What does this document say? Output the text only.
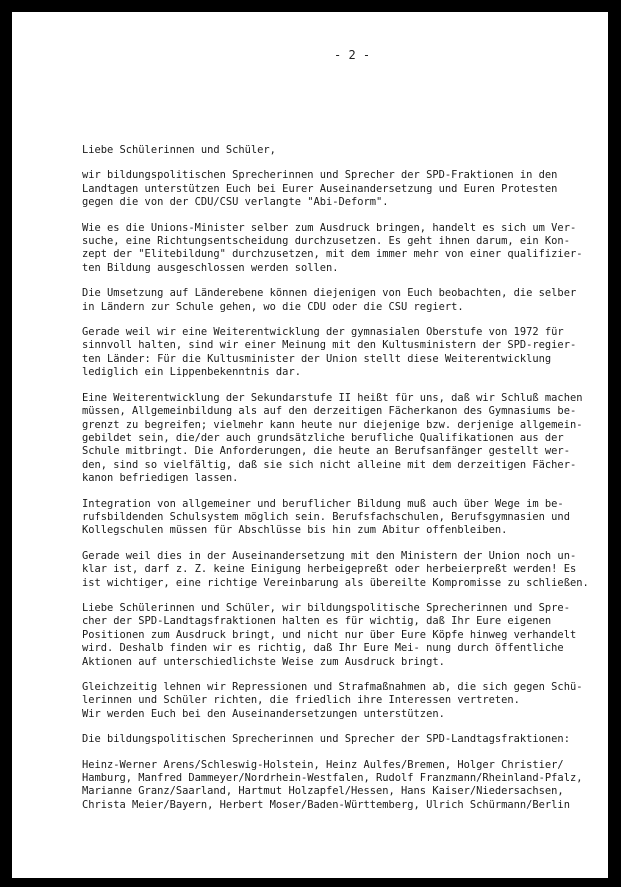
- 2 -
Liebe Schülerinnen und Schüler,
wir bildungspolitischen Sprecherinnen und Sprecher der SPD-Fraktionen in den
Landtagen unterstützen Euch bei Eurer Auseinandersetzung und Euren Protesten
gegen die von der CDU/CSU verlangte "Abi-Deform".
Wie es die Unions-Minister selber zum Ausdruck bringen, handelt es sich um Ver-
suche, eine Richtungsentscheidung durchzusetzen. Es geht ihnen darum, ein Kon-
zept der "Elitebildung" durchzusetzen, mit dem immer mehr von einer qualifizier-
ten Bildung ausgeschlossen werden sollen.
Die Umsetzung auf Länderebene können diejenigen von Euch beobachten, die selber
in Ländern zur Schule gehen, wo die CDU oder die CSU regiert.
Gerade weil wir eine Weiterentwicklung der gymnasialen Oberstufe von 1972 für
sinnvoll halten, sind wir einer Meinung mit den Kultusministern der SPD-regier-
ten Länder: Für die Kultusminister der Union stellt diese Weiterentwicklung
lediglich ein Lippenbekenntnis dar.
Eine Weiterentwicklung der Sekundarstufe II heißt für uns, daß wir Schluß machen
müssen, Allgemeinbildung als auf den derzeitigen Fächerkanon des Gymnasiums be-
grenzt zu begreifen; vielmehr kann heute nur diejenige bzw. derjenige allgemein-
gebildet sein, die/der auch grundsätzliche berufliche Qualifikationen aus der
Schule mitbringt. Die Anforderungen, die heute an Berufsanfänger gestellt wer-
den, sind so vielfältig, daß sie sich nicht alleine mit dem derzeitigen Fächer-
kanon befriedigen lassen.
Integration von allgemeiner und beruflicher Bildung muß auch über Wege im be-
rufsbildenden Schulsystem möglich sein. Berufsfachschulen, Berufsgymnasien und
Kollegschulen müssen für Abschlüsse bis hin zum Abitur offenbleiben.
Gerade weil dies in der Auseinandersetzung mit den Ministern der Union noch un-
klar ist, darf z. Z. keine Einigung herbeigepreßt oder herbeierpreßt werden! Es
ist wichtiger, eine richtige Vereinbarung als übereilte Kompromisse zu schließen.
Liebe Schülerinnen und Schüler, wir bildungspolitische Sprecherinnen und Spre-
cher der SPD-Landtagsfraktionen halten es für wichtig, daß Ihr Eure eigenen
Positionen zum Ausdruck bringt, und nicht nur über Eure Köpfe hinweg verhandelt
wird. Deshalb finden wir es richtig, daß Ihr Eure Mei- nung durch öffentliche
Aktionen auf unterschiedlichste Weise zum Ausdruck bringt.
Gleichzeitig lehnen wir Repressionen und Strafmaßnahmen ab, die sich gegen Schü-
lerinnen und Schüler richten, die friedlich ihre Interessen vertreten.
Wir werden Euch bei den Auseinandersetzungen unterstützen.
Die bildungspolitischen Sprecherinnen und Sprecher der SPD-Landtagsfraktionen:
Heinz-Werner Arens/Schleswig-Holstein, Heinz Aulfes/Bremen, Holger Christier/
Hamburg, Manfred Dammeyer/Nordrhein-Westfalen, Rudolf Franzmann/Rheinland-Pfalz,
Marianne Granz/Saarland, Hartmut Holzapfel/Hessen, Hans Kaiser/Niedersachsen,
Christa Meier/Bayern, Herbert Moser/Baden-Württemberg, Ulrich Schürmann/Berlin
